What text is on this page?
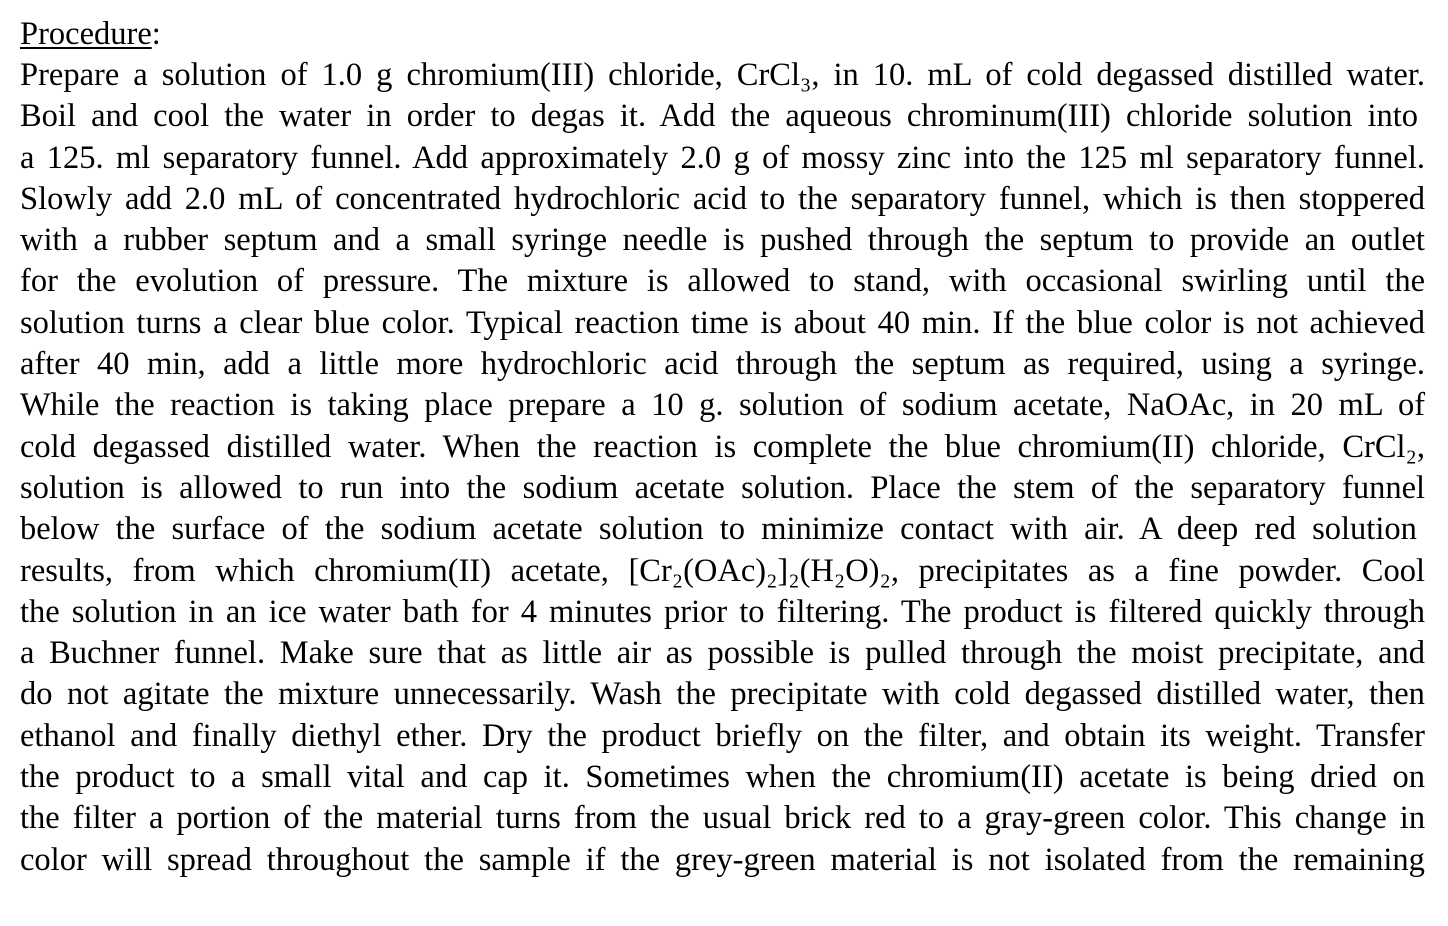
Procedure:
Prepare a solution of 1.0 g chromium(III) chloride, CrCl₃, in 10. mL of cold degassed distilled water.
Boil and cool the water in order to degas it. Add the aqueous chrominum(III) chloride solution into
a 125. ml separatory funnel. Add approximately 2.0 g of mossy zinc into the 125 ml separatory funnel.
Slowly add 2.0 mL of concentrated hydrochloric acid to the separatory funnel, which is then stoppered
with a rubber septum and a small syringe needle is pushed through the septum to provide an outlet
for the evolution of pressure. The mixture is allowed to stand, with occasional swirling until the
solution turns a clear blue color. Typical reaction time is about 40 min. If the blue color is not achieved
after 40 min, add a little more hydrochloric acid through the septum as required, using a syringe.
While the reaction is taking place prepare a 10 g. solution of sodium acetate, NaOAc, in 20 mL of
cold degassed distilled water. When the reaction is complete the blue chromium(II) chloride, CrCl₂,
solution is allowed to run into the sodium acetate solution. Place the stem of the separatory funnel
below the surface of the sodium acetate solution to minimize contact with air. A deep red solution
results, from which chromium(II) acetate, [Cr₂(OAc)₂]₂(H₂O)₂, precipitates as a fine powder. Cool
the solution in an ice water bath for 4 minutes prior to filtering. The product is filtered quickly through
a Buchner funnel. Make sure that as little air as possible is pulled through the moist precipitate, and
do not agitate the mixture unnecessarily. Wash the precipitate with cold degassed distilled water, then
ethanol and finally diethyl ether. Dry the product briefly on the filter, and obtain its weight. Transfer
the product to a small vital and cap it. Sometimes when the chromium(II) acetate is being dried on
the filter a portion of the material turns from the usual brick red to a gray-green color. This change in
color will spread throughout the sample if the grey-green material is not isolated from the remaining
